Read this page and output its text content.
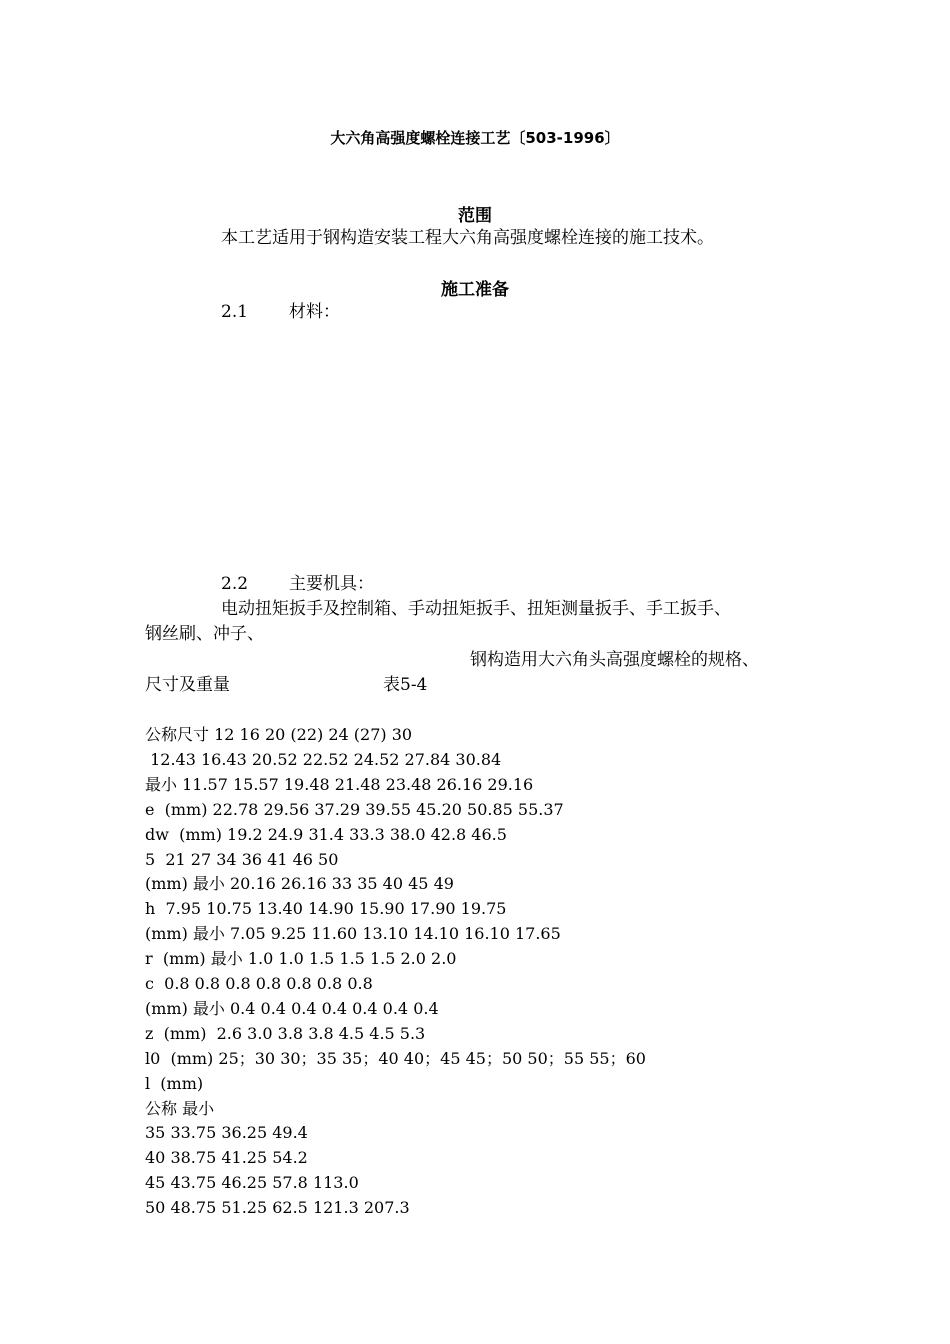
大六角高强度螺栓连接工艺〔503-1996〕
范围
本工艺适用于钢构造安装工程大六角高强度螺栓连接的施工技术。
施工准备
2.1 材料：
2.2 主要机具：
电动扭矩扳手及控制箱、手动扭矩扳手、扭矩测量扳手、手工扳手、
钢丝刷、冲子、
钢构造用大六角头高强度螺栓的规格、
尺寸及重量	表5-4
公称尺寸 12 16 20 (22) 24 (27) 30
12.43 16.43 20.52 22.52 24.52 27.84 30.84
最小 11.57 15.57 19.48 21.48 23.48 26.16 29.16
e  (mm) 22.78 29.56 37.29 39.55 45.20 50.85 55.37
dw  (mm) 19.2 24.9 31.4 33.3 38.0 42.8 46.5
5  21 27 34 36 41 46 50
(mm) 最小 20.16 26.16 33 35 40 45 49
h  7.95 10.75 13.40 14.90 15.90 17.90 19.75
(mm) 最小 7.05 9.25 11.60 13.10 14.10 16.10 17.65
r  (mm) 最小 1.0 1.0 1.5 1.5 1.5 2.0 2.0
c  0.8 0.8 0.8 0.8 0.8 0.8 0.8
(mm) 最小 0.4 0.4 0.4 0.4 0.4 0.4 0.4
z  (mm)  2.6 3.0 3.8 3.8 4.5 4.5 5.3
l0  (mm) 25；30 30；35 35；40 40；45 45；50 50；55 55；60
l  (mm)
公称 最小
35 33.75 36.25 49.4
40 38.75 41.25 54.2
45 43.75 46.25 57.8 113.0
50 48.75 51.25 62.5 121.3 207.3
